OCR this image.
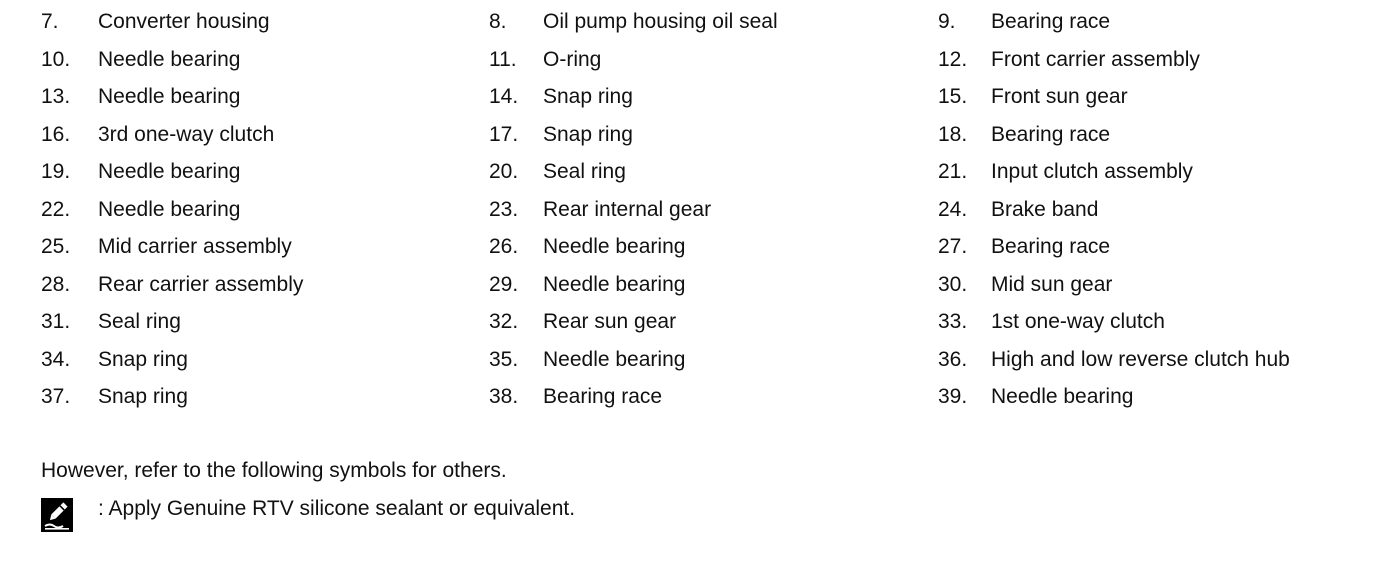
7. Converter housing	8. Oil pump housing oil seal	9. Bearing race
10. Needle bearing	11. O-ring	12. Front carrier assembly
13. Needle bearing	14. Snap ring	15. Front sun gear
16. 3rd one-way clutch	17. Snap ring	18. Bearing race
19. Needle bearing	20. Seal ring	21. Input clutch assembly
22. Needle bearing	23. Rear internal gear	24. Brake band
25. Mid carrier assembly	26. Needle bearing	27. Bearing race
28. Rear carrier assembly	29. Needle bearing	30. Mid sun gear
31. Seal ring	32. Rear sun gear	33. 1st one-way clutch
34. Snap ring	35. Needle bearing	36. High and low reverse clutch hub
37. Snap ring	38. Bearing race	39. Needle bearing
However, refer to the following symbols for others.
: Apply Genuine RTV silicone sealant or equivalent.
